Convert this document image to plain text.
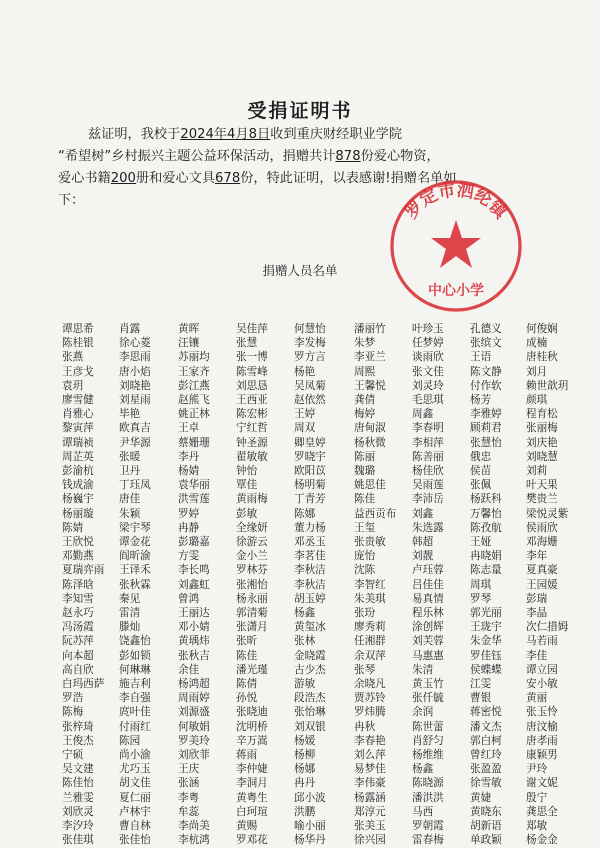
受捐证明书
兹证明，我校于2024年4月8日收到重庆财经职业学院
“希望树”乡村振兴主题公益环保活动，捐赠共计878份爱心物资，
爱心书籍200册和爱心文具678份，特此证明，以表感谢!捐赠名单如
下：	罗定市泗纶镇
中心小学
捐赠人员名单
谭思希 肖露	黄晖	吴佳萍 何慧怡	潘丽竹 叶珍玉 孔德义 何俊娴
陈桂银 徐心菱	汪镶	张慧	李发梅	朱梦	任梦婷 张缤文 成楠
张燕	李思雨	苏丽均 张一博 罗方言	李亚兰 谈雨欣 王语	唐桂秋
王彦戈 唐小焰	王家齐 陈雪峰 杨艳	周熙	张文佳 陈文静 刘月
袁玥	刘晓艳	彭江燕 刘思恳 吴凤菊	王馨悦 刘灵玲 付作软 赖世歆玥
廖雪健 刘星雨	赵熊飞 王西亚 赵依然	龚倩	毛思琪 杨芳	颜琪
肖雅心 毕艳	姚正林 陈宏彬 王婷	梅婷	周鑫	李雅婷 程育松
黎寅萍 欧真吉	王卓	宁红哲 周双	唐甸淑 李春明 顾莉君 张丽梅
谭瑞祯 尹华源	蔡姗珊 钟圣源 卿皇婷	杨秋微 李相萍 张慧怡 刘庆艳
周芷英 张暖	李丹	翟敏敏 罗晓宇	陈丽	陈善丽 俄忠	刘晓慧
彭渝杭 卫丹	杨婧	钟怡	欧阳苡	魏璐	杨佳欣 侯苗	刘莉
钱成渝 丁珏凤	袁华丽 覃佳	杨明菊	姚思佳 吴雨莲 张佩	叶天果
杨巍宇 唐佳	洪雪莲 黄雨梅 丁青芳	陈佳	李沛岳 杨跃科 樊贵兰
杨丽璇 朱颖	罗婷	彭敏	陈娜	益西贡布 刘鑫	万馨怡 梁悦灵紫
陈婧	梁宇琴	冉静	全缘妍 董力杨	王玺	朱选露 陈孜航 侯雨欣
王欣悦 谭金花	彭璐嘉 徐游云 邓丞玉	张贵敏 韩超	王娅	邓海姗
邓勤燕 阎昕渝	方雯	金小兰 李茗佳	庞怡	刘靓	冉晓娟 李年
夏瑞弈雨 王译禾	李长鸣 罗林芬 李秋洁	沈陈	卢珏蓉 陈志量 夏真豪
陈泽晗 张秋霖	刘鑫虹 张湘怡 李秋洁	李智红 吕佳佳 周琪	王园媛
李知雪 秦见	曾鸿	杨永丽 胡玉婷	朱美琪 易真情 罗琴	彭瑞
赵永巧 雷清	王丽达 郭清菊 杨鑫	张玢	程乐林 郭光丽 李晶
冯汤霞 滕灿	邓小婧 张潇月 黄玺冰	廖秀莉 涂创辉 王珑宇 次仁措姆
阮苏萍 饶鑫怡	黄瑀炜 张昕	张林	任湘群 刘芙蓉 朱金华 马若雨
向本超 彭如锁	张秋吉 陈佳	金晓霞	余双萍 马惠惠 罗佳钰 李佳
高自欣 何琳琳	余佳	潘光瑾 古少杰	张琴	朱清	侯蝶蝶 谭立园
白玛西萨 施吉利	杨鸿超 陈倩	游敏	余晓凡 黄玉竹 江雯	安小敏
罗浩	李自强	周雨婷 孙悦	段浩杰	贾苏铃 张仟毓 曹银	黄丽
陈梅	庹叶佳	刘源盛 张晓迪 张怡琳	罗炜腾 余润	蒋密悦 张玉怜
张梓琦 付雨红	何敏娟 沈明桥 刘双银	冉秋	陈世蕾 潘文杰 唐汶榆
王俊杰 陈园	罗美玲 辛万嵩 杨媛	李春艳 肖舒匀 郭白柯 唐孝雨
宁硕	尚小渝	刘欣菲 蒋雨	杨柳	刘么萍 杨维维 曾红玲 康颖男
吴文建 尤巧玉	王庆	李仲婕 杨娜	易梦佳 杨鑫	张盈盈 尹玲
陈佳怡 胡文佳	张涵	李洞月 冉丹	李伟豪 陈晓源 徐雪敏 谢文妮
兰雅雯 夏仁丽	李粤	黄粤生 邱小波	杨露涵 潘洪洪 黄婕	殷宁
刘欣灵 卢林宇	牟蕊	白珂瑄 洪鹏	郑淳元 马西	黄晓东 龚思全
李汐玲 曹自林	李尚美 黄赐	喻小丽	张美玉 罗朝霞 胡新语 郑敏
张佳琪 张佳怡	李杭鸿 罗邓花 杨华丹	徐兴园 雷春梅 单政颖 杨金金
